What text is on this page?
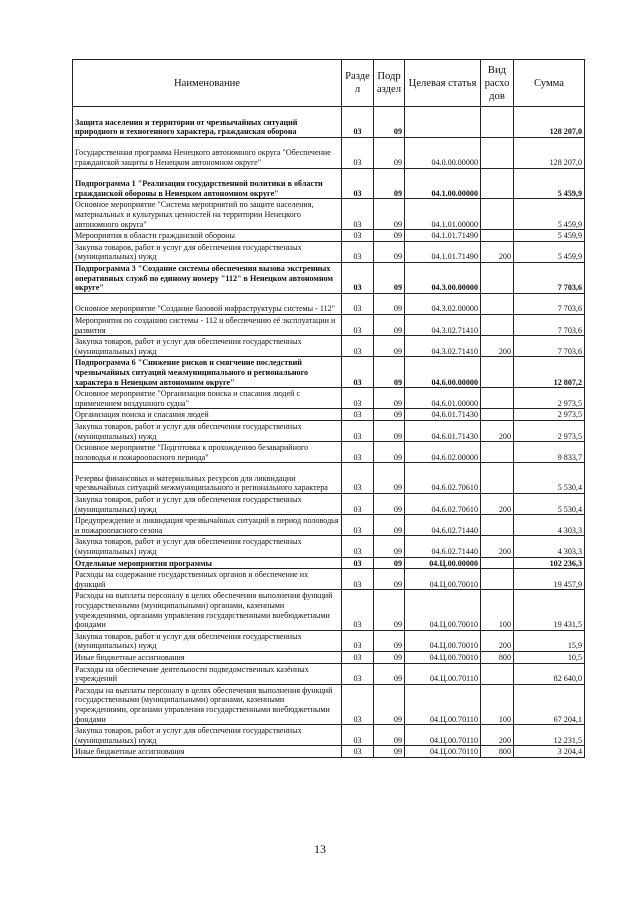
Наименование	Разде л	Подр аздел	Целевая статья	Вид расхо дов	Сумма
Защита населения и территории от чрезвычайных ситуаций природного и техногенного характера, гражданская оборона	03	09			128 207,0
Государственная программа Ненецкого автономного округа "Обеспечение гражданской защиты в Ненецком автономном округе"	03	09	04.0.00.00000		128 207,0
Подпрограмма 1 "Реализация государственной политики в области гражданской обороны в Ненецком автономном округе"	03	09	04.1.00.00000		5 459,9
Основное мероприятие "Система мероприятий по защите населения, материальных и культурных ценностей на территории Ненецкого автономного округа"	03	09	04.1.01.00000		5 459,9
Мероприятия в области гражданской обороны	03	09	04.1.01.71490		5 459,9
Закупка товаров, работ и услуг для обеспечения государственных (муниципальных) нужд	03	09	04.1.01.71490	200	5 459,9
Подпрограмма 3 "Создание системы обеспечения вызова экстренных оперативных служб по единому номеру "112" в Ненецком автономном округе"	03	09	04.3.00.00000		7 703,6
Основное мероприятие "Создание базовой инфраструктуры системы - 112"	03	09	04.3.02.00000		7 703,6
Мероприятия по созданию системы - 112 и обеспечению её эксплуатации и развития	03	09	04.3.02.71410		7 703,6
Закупка товаров, работ и услуг для обеспечения государственных (муниципальных) нужд	03	09	04.3.02.71410	200	7 703,6
Подпрограмма 6 "Снижение рисков и смягчение последствий чрезвычайных ситуаций межмуниципального и регионального характера в Ненецком автономном округе"	03	09	04.6.00.00000		12 807,2
Основное мероприятие "Организация поиска и спасания людей с применением воздушного судна"	03	09	04.6.01.00000		2 973,5
Организация поиска и спасания людей	03	09	04.6.01.71430		2 973,5
Закупка товаров, работ и услуг для обеспечения государственных (муниципальных) нужд	03	09	04.6.01.71430	200	2 973,5
Основное мероприятие "Подготовка к прохождению безаварийного половодья и пожароопасного периода"	03	09	04.6.02.00000		9 833,7
Резервы финансовых и материальных ресурсов для ликвидации чрезвычайных ситуаций межмуниципального и регионального характера	03	09	04.6.02.70610		5 530,4
Закупка товаров, работ и услуг для обеспечения государственных (муниципальных) нужд	03	09	04.6.02.70610	200	5 530,4
Предупреждение и ликвидация чрезвычайных ситуаций в период половодья и пожароопасного сезона	03	09	04.6.02.71440		4 303,3
Закупка товаров, работ и услуг для обеспечения государственных (муниципальных) нужд	03	09	04.6.02.71440	200	4 303,3
Отдельные мероприятия программы	03	09	04.Ц.00.00000		102 236,3
Расходы на содержание государственных органов и обеспечение их функций	03	09	04.Ц.00.70010		19 457,9
Расходы на выплаты персоналу в целях обеспечения выполнения функций государственными (муниципальными) органами, казенными учреждениями, органами управления государственными внебюджетными фондами	03	09	04.Ц.00.70010	100	19 431,5
Закупка товаров, работ и услуг для обеспечения государственных (муниципальных) нужд	03	09	04.Ц.00.70010	200	15,9
Иные бюджетные ассигнования	03	09	04.Ц.00.70010	800	10,5
Расходы на обеспечение деятельности подведомственных казённых учреждений	03	09	04.Ц.00.70110		82 640,0
Расходы на выплаты персоналу в целях обеспечения выполнения функций государственными (муниципальными) органами, казенными учреждениями, органами управления государственными внебюджетными фондами	03	09	04.Ц.00.70110	100	67 204,1
Закупка товаров, работ и услуг для обеспечения государственных (муниципальных) нужд	03	09	04.Ц.00.70110	200	12 231,5
Иные бюджетные ассигнования	03	09	04.Ц.00.70110	800	3 204,4
13
